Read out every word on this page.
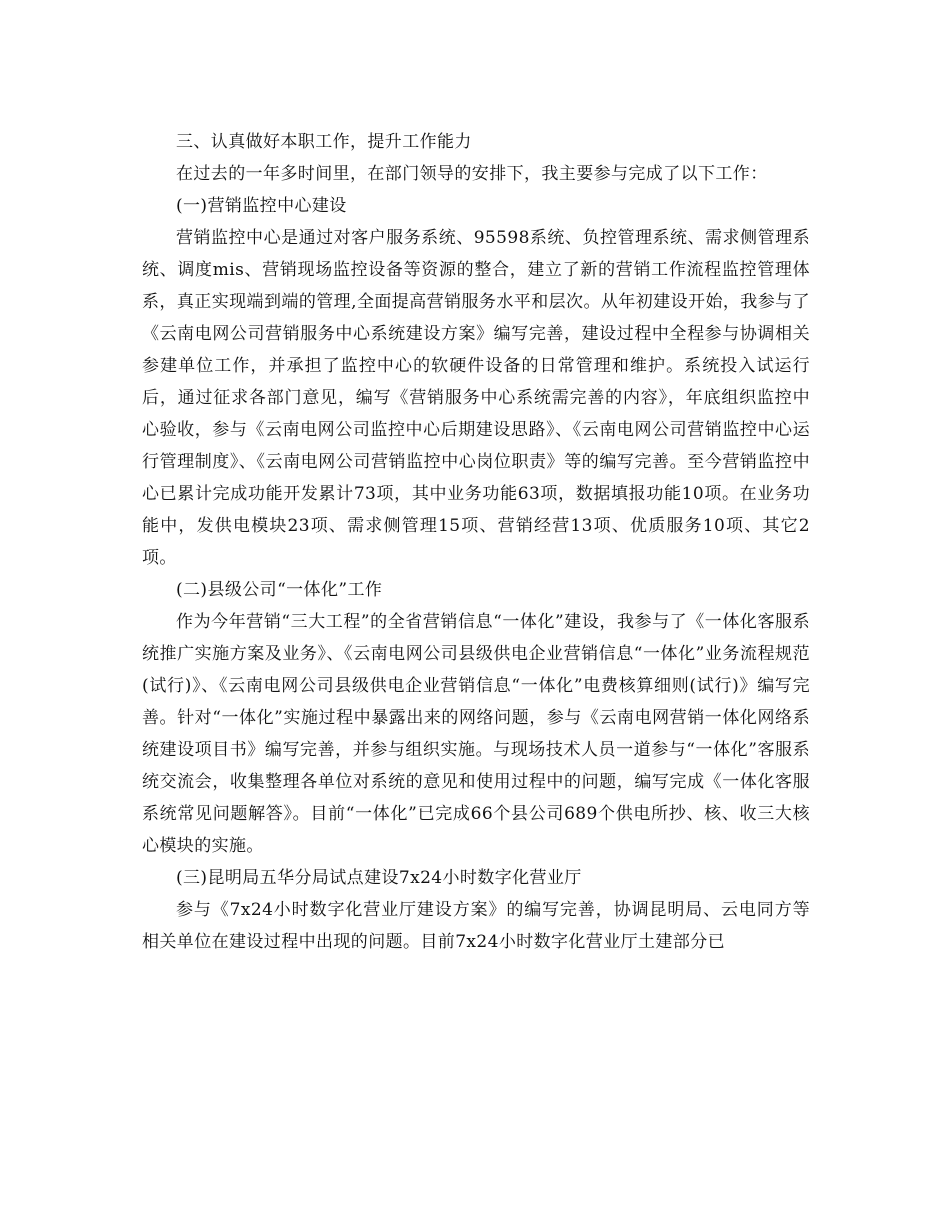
三、认真做好本职工作，提升工作能力

在过去的一年多时间里，在部门领导的安排下，我主要参与完成了以下工作：

(一)营销监控中心建设

营销监控中心是通过对客户服务系统、95598系统、负控管理系统、需求侧管理系统、调度mis、营销现场监控设备等资源的整合，建立了新的营销工作流程监控管理体系，真正实现端到端的管理,全面提高营销服务水平和层次。从年初建设开始，我参与了《云南电网公司营销服务中心系统建设方案》编写完善，建设过程中全程参与协调相关参建单位工作，并承担了监控中心的软硬件设备的日常管理和维护。系统投入试运行后，通过征求各部门意见，编写《营销服务中心系统需完善的内容》，年底组织监控中心验收，参与《云南电网公司监控中心后期建设思路》、《云南电网公司营销监控中心运行管理制度》、《云南电网公司营销监控中心岗位职责》等的编写完善。至今营销监控中心已累计完成功能开发累计73项，其中业务功能63项，数据填报功能10项。在业务功能中，发供电模块23项、需求侧管理15项、营销经营13项、优质服务10项、其它2项。

(二)县级公司“一体化”工作

作为今年营销“三大工程”的全省营销信息“一体化”建设，我参与了《一体化客服系统推广实施方案及业务》、《云南电网公司县级供电企业营销信息“一体化”业务流程规范(试行)》、《云南电网公司县级供电企业营销信息“一体化”电费核算细则(试行)》编写完善。针对“一体化”实施过程中暴露出来的网络问题，参与《云南电网营销一体化网络系统建设项目书》编写完善，并参与组织实施。与现场技术人员一道参与“一体化”客服系统交流会，收集整理各单位对系统的意见和使用过程中的问题，编写完成《一体化客服系统常见问题解答》。目前“一体化”已完成66个县公司689个供电所抄、核、收三大核心模块的实施。

(三)昆明局五华分局试点建设7x24小时数字化营业厅

参与《7x24小时数字化营业厅建设方案》的编写完善，协调昆明局、云电同方等相关单位在建设过程中出现的问题。目前7x24小时数字化营业厅土建部分已
